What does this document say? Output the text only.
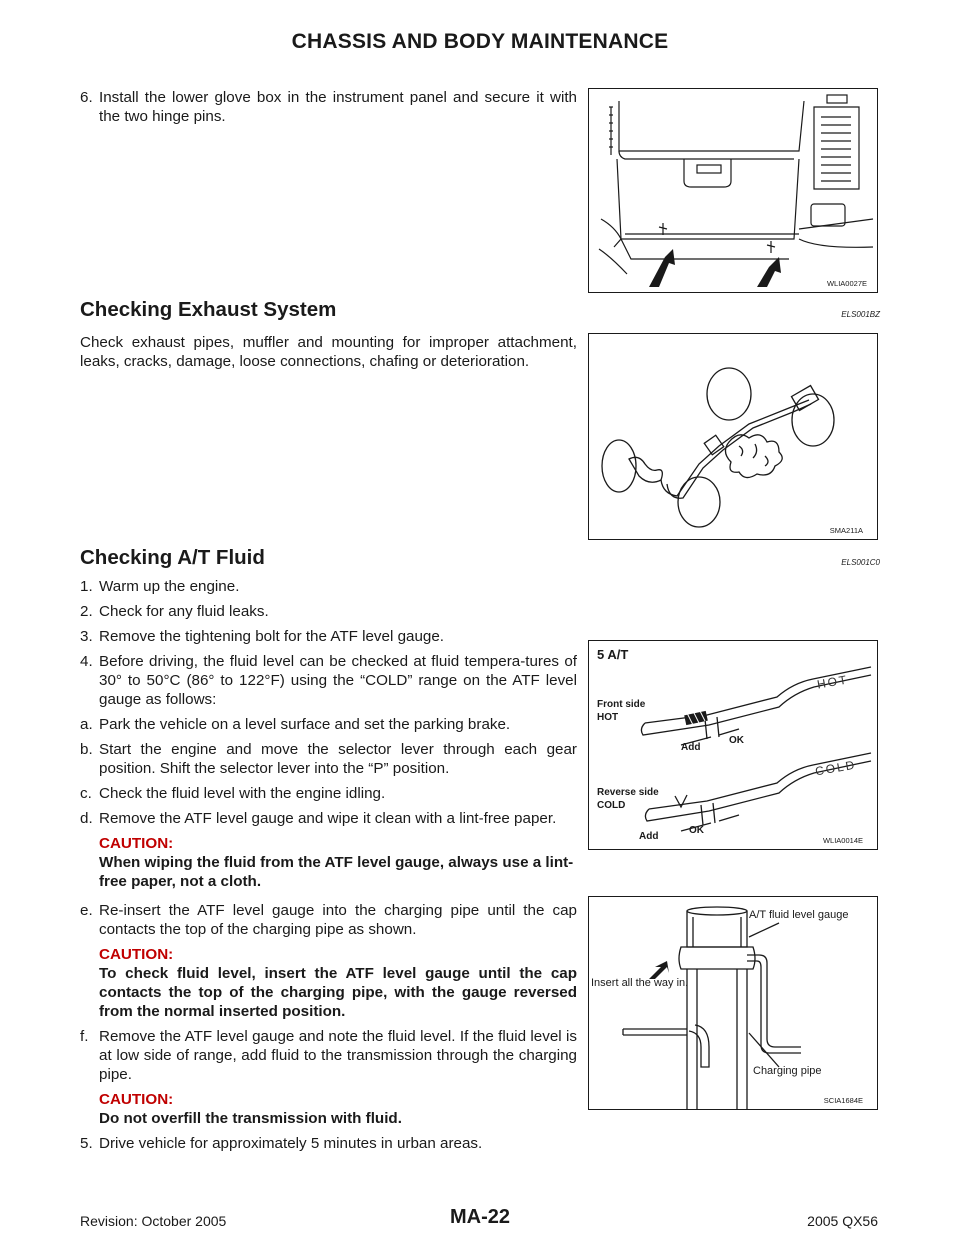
CHASSIS AND BODY MAINTENANCE
6. Install the lower glove box in the instrument panel and secure it with the two hinge pins.
WLIA0027E
Checking Exhaust System	ELS001BZ
Check exhaust pipes, muffler and mounting for improper attachment, leaks, cracks, damage, loose connections, chafing or deterioration.
SMA211A
Checking A/T Fluid	ELS001C0
1. Warm up the engine.
2. Check for any fluid leaks.
3. Remove the tightening bolt for the ATF level gauge.
4. Before driving, the fluid level can be checked at fluid tempera-tures of 30° to 50°C (86° to 122°F) using the “COLD” range on the ATF level gauge as follows:
a. Park the vehicle on a level surface and set the parking brake.
b. Start the engine and move the selector lever through each gear position. Shift the selector lever into the “P” position.
c. Check the fluid level with the engine idling.
d. Remove the ATF level gauge and wipe it clean with a lint-free paper.
CAUTION:
When wiping the fluid from the ATF level gauge, always use a lint-free paper, not a cloth.
e. Re-insert the ATF level gauge into the charging pipe until the cap contacts the top of the charging pipe as shown.
CAUTION:
To check fluid level, insert the ATF level gauge until the cap contacts the top of the charging pipe, with the gauge reversed from the normal inserted position.
f. Remove the ATF level gauge and note the fluid level. If the fluid level is at low side of range, add fluid to the transmission through the charging pipe.
CAUTION:
Do not overfill the transmission with fluid.
5. Drive vehicle for approximately 5 minutes in urban areas.
5 A/T
Front side
HOT
HOT
Add
OK
Reverse side
COLD
COLD
Add
OK
WLIA0014E
A/T fluid level gauge
Insert all the way in.
Charging pipe
SCIA1684E
Revision: October 2005	MA-22	2005 QX56
